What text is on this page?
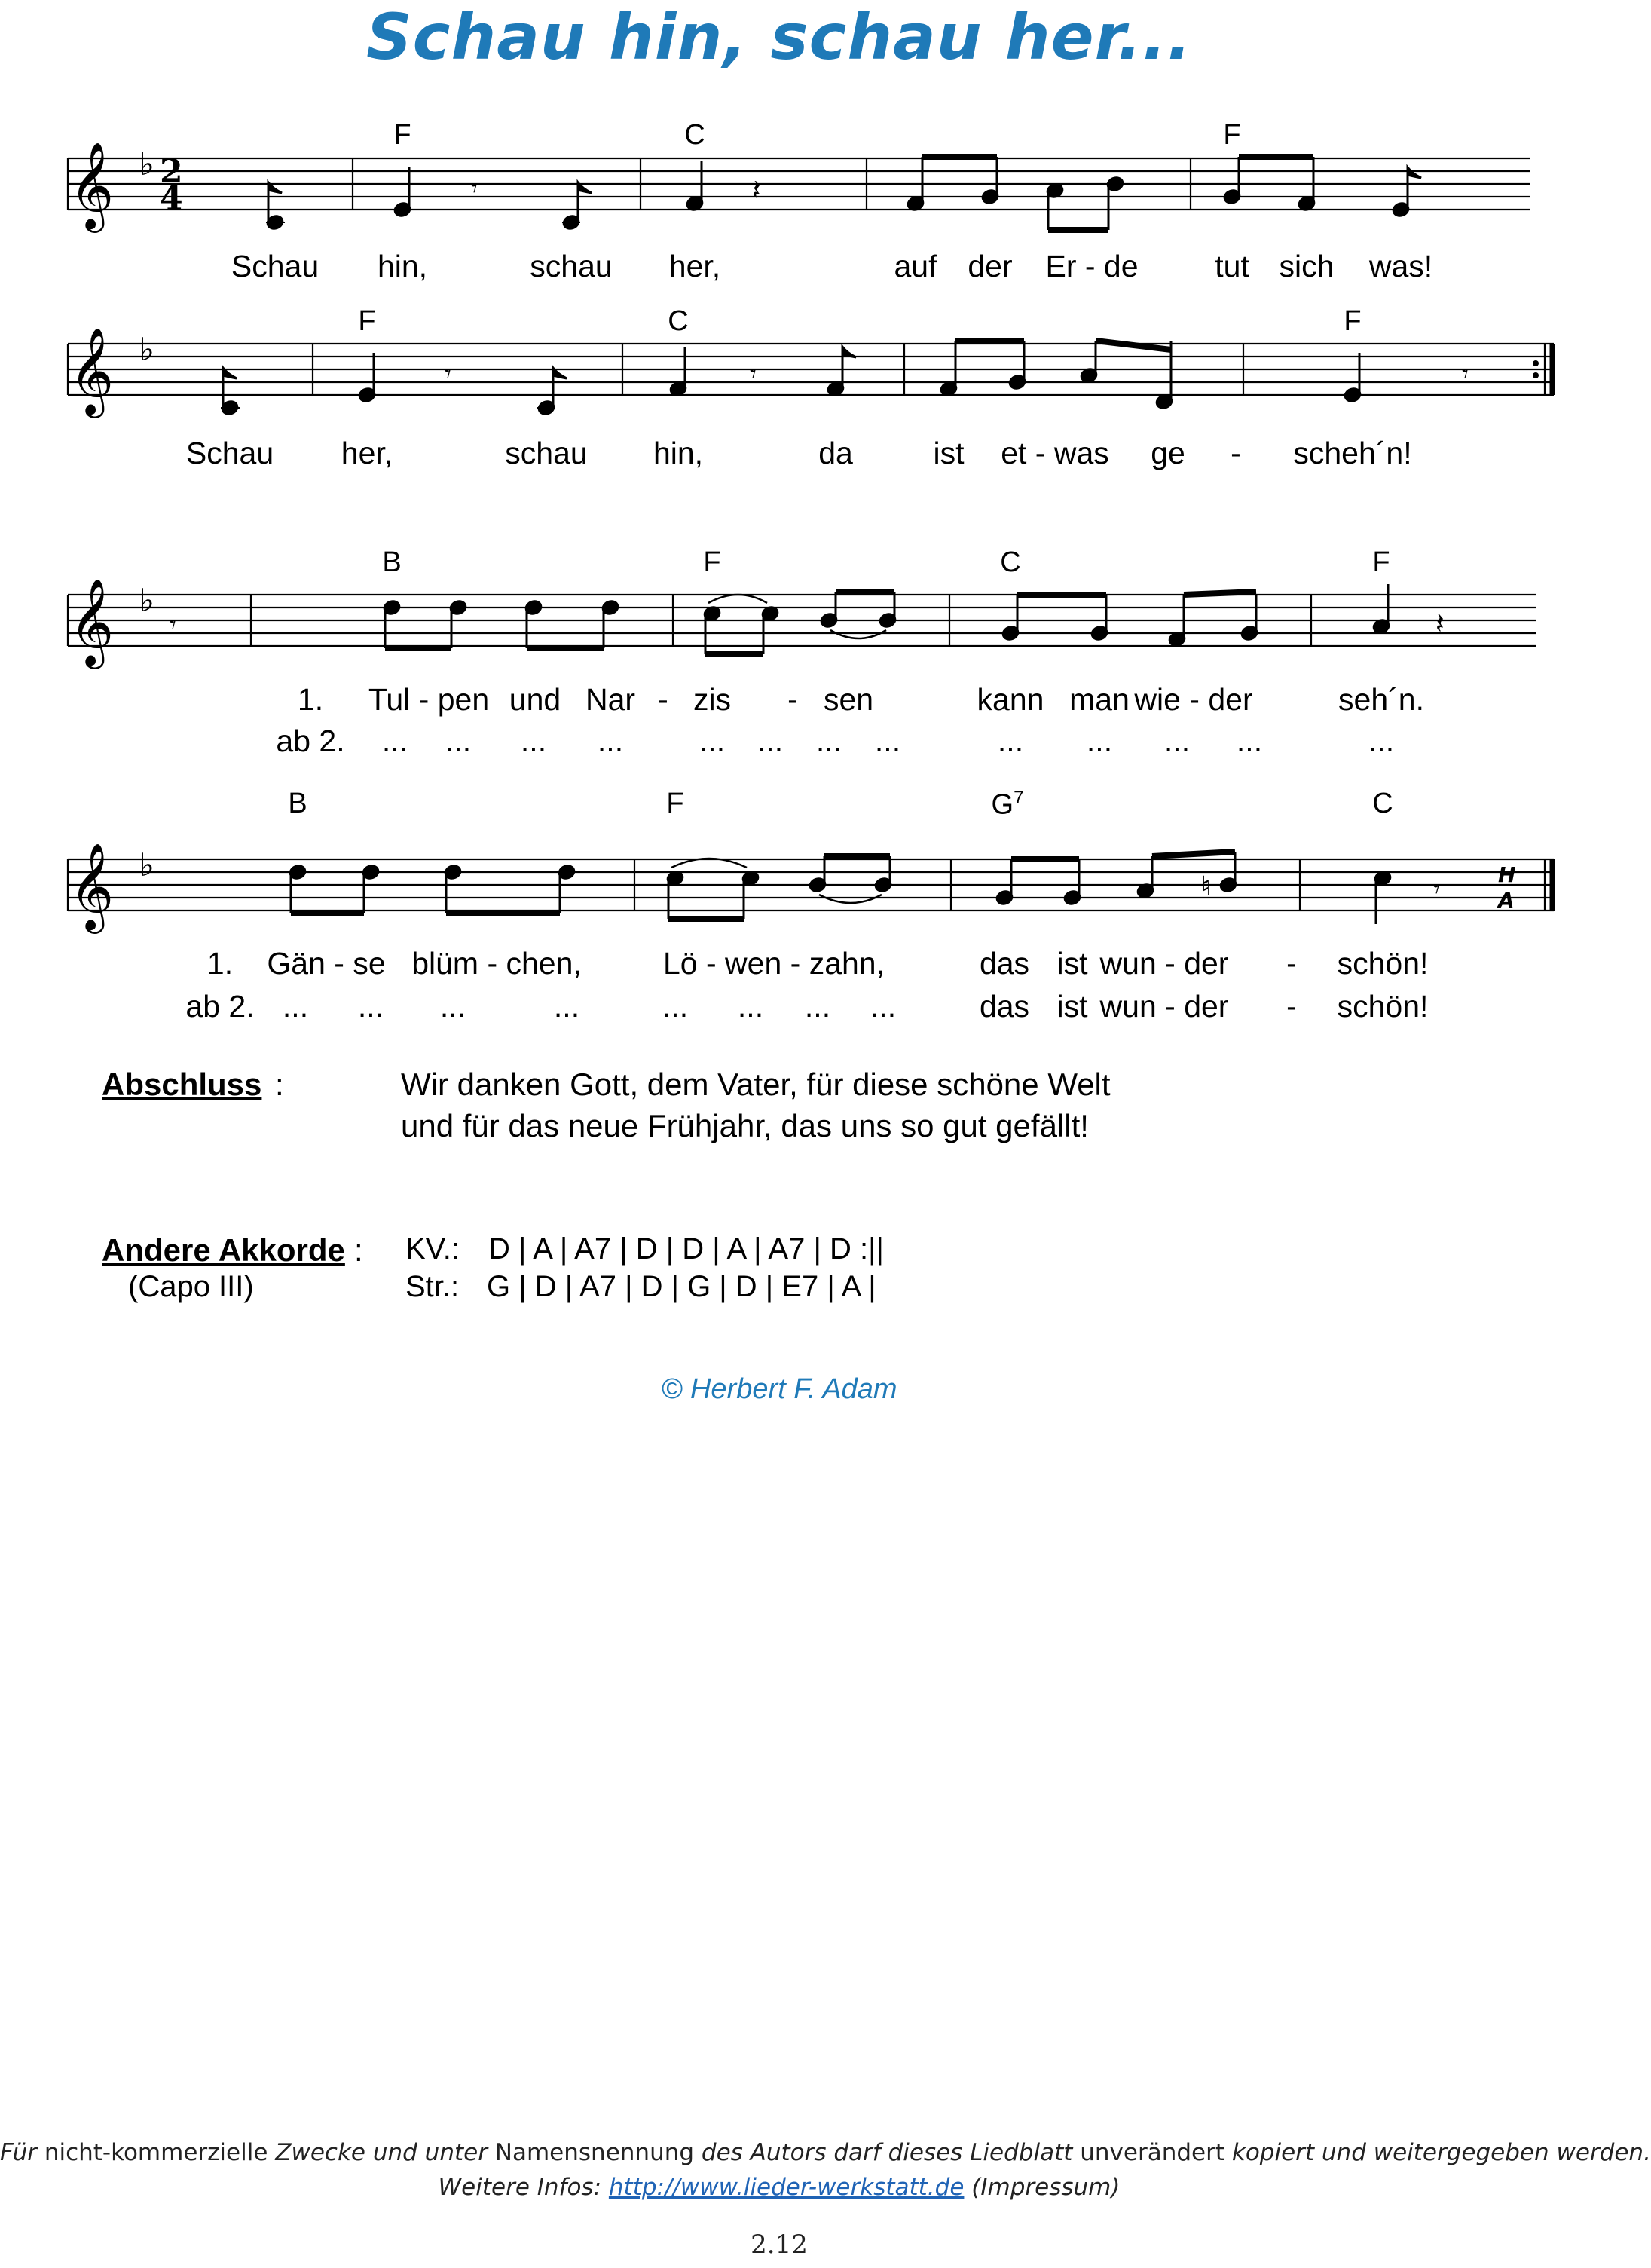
Schau hin, schau her...
F	C	F
𝄞 ♭ 2
4	𝄾	𝄽
Schau hin,	schau her,	auf der Er - de tut sich was!
F	C	F
𝄞 ♭
𝄾	𝄾	𝄾
Schau her,	schau hin,	da	ist et - was ge - scheh´n!
B	F	C	F
𝄞 ♭
𝄾	𝄽
1. Tul - pen und Nar - zis - sen	kann man wie - der	seh´n.
ab 2. ... ... ... ... ... ... ... ...	... ... ... ...	...
B	F	$G^7$	C
𝄞 ♭	H
A
♮	𝄾
1. Gän - se blüm - chen,	Lö - wen - zahn,	das ist wun - der - schön!
ab 2. ... ... ...	...	... ... ... ...	das ist wun - der - schön!
Abschluss :	Wir danken Gott, dem Vater, für diese schöne Welt
und für das neue Frühjahr, das uns so gut gefällt!
Andere Akkorde :
(Capo III)
KV.: D | A | A7 | D | D | A | A7 | D :||
Str.: G | D | A7 | D | G | D | E7 | A |
© Herbert F. Adam
Für nicht-kommerzielle Zwecke und unter Namensnennung des Autors darf dieses Liedblatt unverändert kopiert und weitergegeben werden.
Weitere Infos: http://www.lieder-werkstatt.de (Impressum)
2.12
